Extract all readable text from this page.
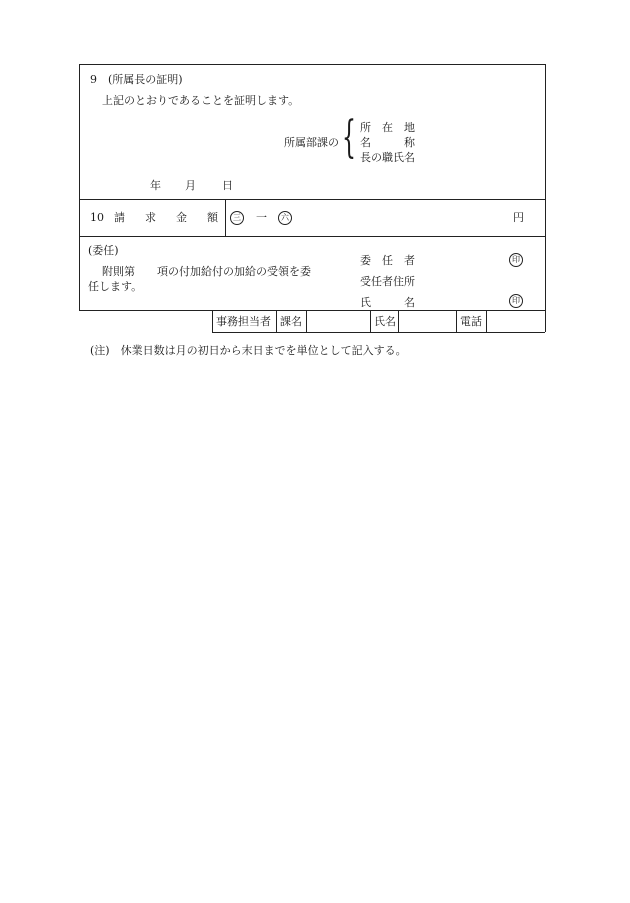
9　(所属長の証明)
上記のとおりであることを証明します。
所属部課の { 所　在　地
名　　　称
長の職氏名
年 月 日
10 請 求 金 額	三 一	六	円
(委任)
附則第　　項の付加給付の加給の受領を委
任します。
委　任　者
受任者住所
氏　　　名
印
印
事務担当者 課名	氏名	電話
(注)　休業日数は月の初日から末日までを単位として記入する。
